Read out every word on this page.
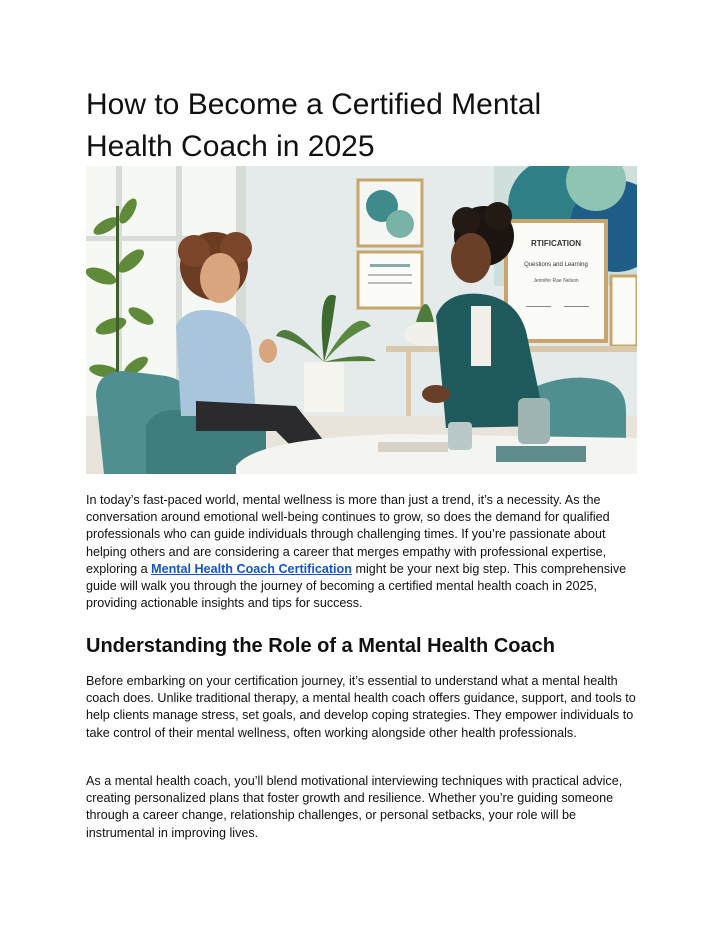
How to Become a Certified Mental
Health Coach in 2025
RTIFICATION
Questions and Learning
Jennifer Rae Nelson

In today’s fast-paced world, mental wellness is more than just a trend, it’s a necessity. As the conversation around emotional well-being continues to grow, so does the demand for qualified professionals who can guide individuals through challenging times. If you’re passionate about helping others and are considering a career that merges empathy with professional expertise, exploring a Mental Health Coach Certification might be your next big step. This comprehensive guide will walk you through the journey of becoming a certified mental health coach in 2025, providing actionable insights and tips for success.

Understanding the Role of a Mental Health Coach

Before embarking on your certification journey, it’s essential to understand what a mental health coach does. Unlike traditional therapy, a mental health coach offers guidance, support, and tools to help clients manage stress, set goals, and develop coping strategies. They empower individuals to take control of their mental wellness, often working alongside other health professionals.

As a mental health coach, you’ll blend motivational interviewing techniques with practical advice, creating personalized plans that foster growth and resilience. Whether you’re guiding someone through a career change, relationship challenges, or personal setbacks, your role will be instrumental in improving lives.
